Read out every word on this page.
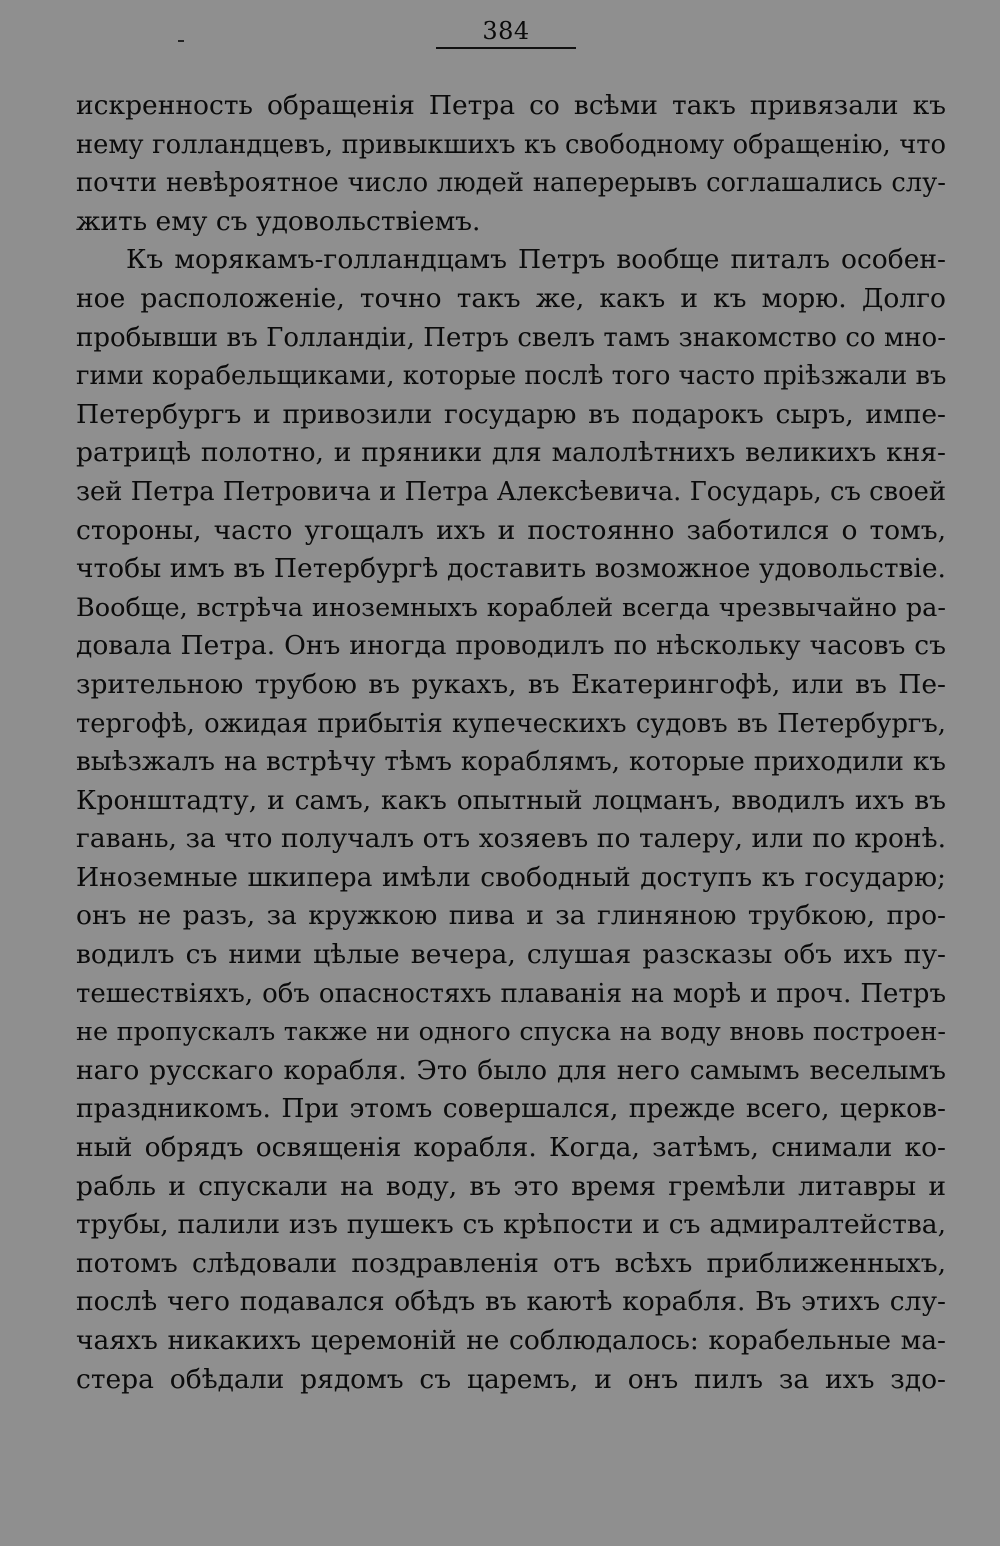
384
искренность обращенія Петра со всѣми такъ привязали къ
нему голландцевъ, привыкшихъ къ свободному обращенію, что
почти невѣроятное число людей наперерывъ соглашались слу-
жить ему съ удовольствіемъ.
Къ морякамъ-голландцамъ Петръ вообще питалъ особен-
ное расположеніе, точно такъ же, какъ и къ морю. Долго
пробывши въ Голландіи, Петръ свелъ тамъ знакомство со мно-
гими корабельщиками, которые послѣ того часто пріѣзжали въ
Петербургъ и привозили государю въ подарокъ сыръ, импе-
ратрицѣ полотно, и пряники для малолѣтнихъ великихъ кня-
зей Петра Петровича и Петра Алексѣевича. Государь, съ своей
стороны, часто угощалъ ихъ и постоянно заботился о томъ,
чтобы имъ въ Петербургѣ доставить возможное удовольствіе.
Вообще, встрѣча иноземныхъ кораблей всегда чрезвычайно ра-
довала Петра. Онъ иногда проводилъ по нѣскольку часовъ съ
зрительною трубою въ рукахъ, въ Екатерингофѣ, или въ Пе-
тергофѣ, ожидая прибытія купеческихъ судовъ въ Петербургъ,
выѣзжалъ на встрѣчу тѣмъ кораблямъ, которые приходили къ
Кронштадту, и самъ, какъ опытный лоцманъ, вводилъ ихъ въ
гавань, за что получалъ отъ хозяевъ по талеру, или по кронѣ.
Иноземные шкипера имѣли свободный доступъ къ государю;
онъ не разъ, за кружкою пива и за глиняною трубкою, про-
водилъ съ ними цѣлые вечера, слушая разсказы объ ихъ пу-
тешествіяхъ, объ опасностяхъ плаванія на морѣ и проч. Петръ
не пропускалъ также ни одного спуска на воду вновь построен-
наго русскаго корабля. Это было для него самымъ веселымъ
праздникомъ. При этомъ совершался, прежде всего, церков-
ный обрядъ освященія корабля. Когда, затѣмъ, снимали ко-
рабль и спускали на воду, въ это время гремѣли литавры и
трубы, палили изъ пушекъ съ крѣпости и съ адмиралтейства,
потомъ слѣдовали поздравленія отъ всѣхъ приближенныхъ,
послѣ чего подавался обѣдъ въ каютѣ корабля. Въ этихъ слу-
чаяхъ никакихъ церемоній не соблюдалось: корабельные ма-
стера обѣдали рядомъ съ царемъ, и онъ пилъ за ихъ здо-
